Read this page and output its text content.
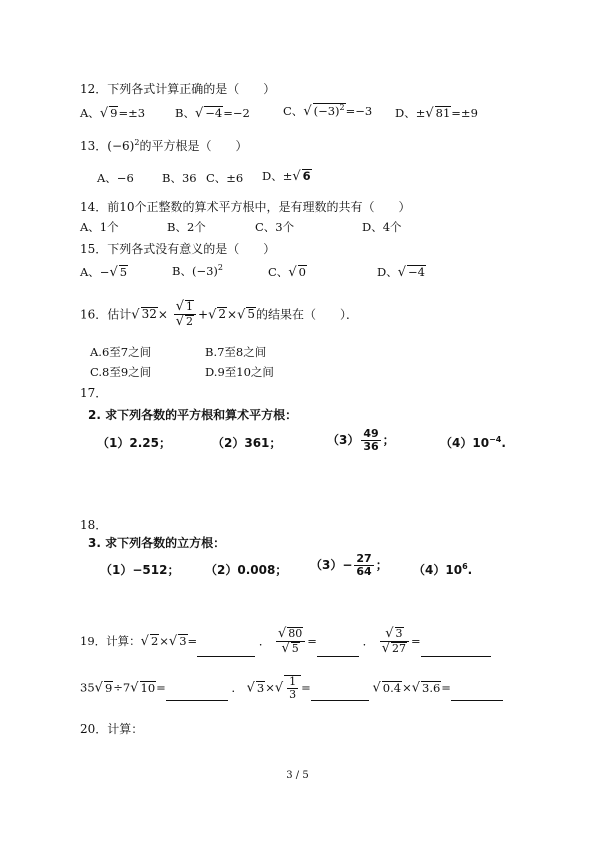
12．下列各式计算正确的是（　　）
A、√ 9=±3	B、√ −4=−2	C、√ $(-3)^2=-3$ D、±√ 81=±9
13．$(-6)^2$的平方根是（　　）
A、−6 B、36 C、±6 D、±√ 6
14．前10个正整数的算术平方根中，是有理数的共有（　　）
A、1个	B、2个	C、3个	D、4个
15．下列各式没有意义的是（　　）
A、−√ 5	B、$(-3)^2$	C、√ 0	D、√ −4
16．估计√ $32\times \frac{√ 1}{√ 2}$ +√ 2×√ 5的结果在（　　）．
A.6至7之间	B.7至8之间
C.8至9之间	D.9至10之间
17．
2. 求下列各数的平方根和算术平方根：
（1）2.25；	（2）361；	$(3) \frac{49}{36}$ ；	$(4)10^{-4}$.
18．
3. 求下列各数的立方根：
（1）−512； （2）0.008； $(3)- \frac{27}{64}$ ； $(4)10^6$.
19．计算：√ 2×√ 3=	． $\frac{√ 80}{√ 5}$ =	． $\frac{√ 3}{√ 27}$ =
35√ 9÷7√ 10=	． √ $3\times√ \frac{1}{3}$ =	√ 0.4×√ 3.6=
20．计算：
3 / 5
